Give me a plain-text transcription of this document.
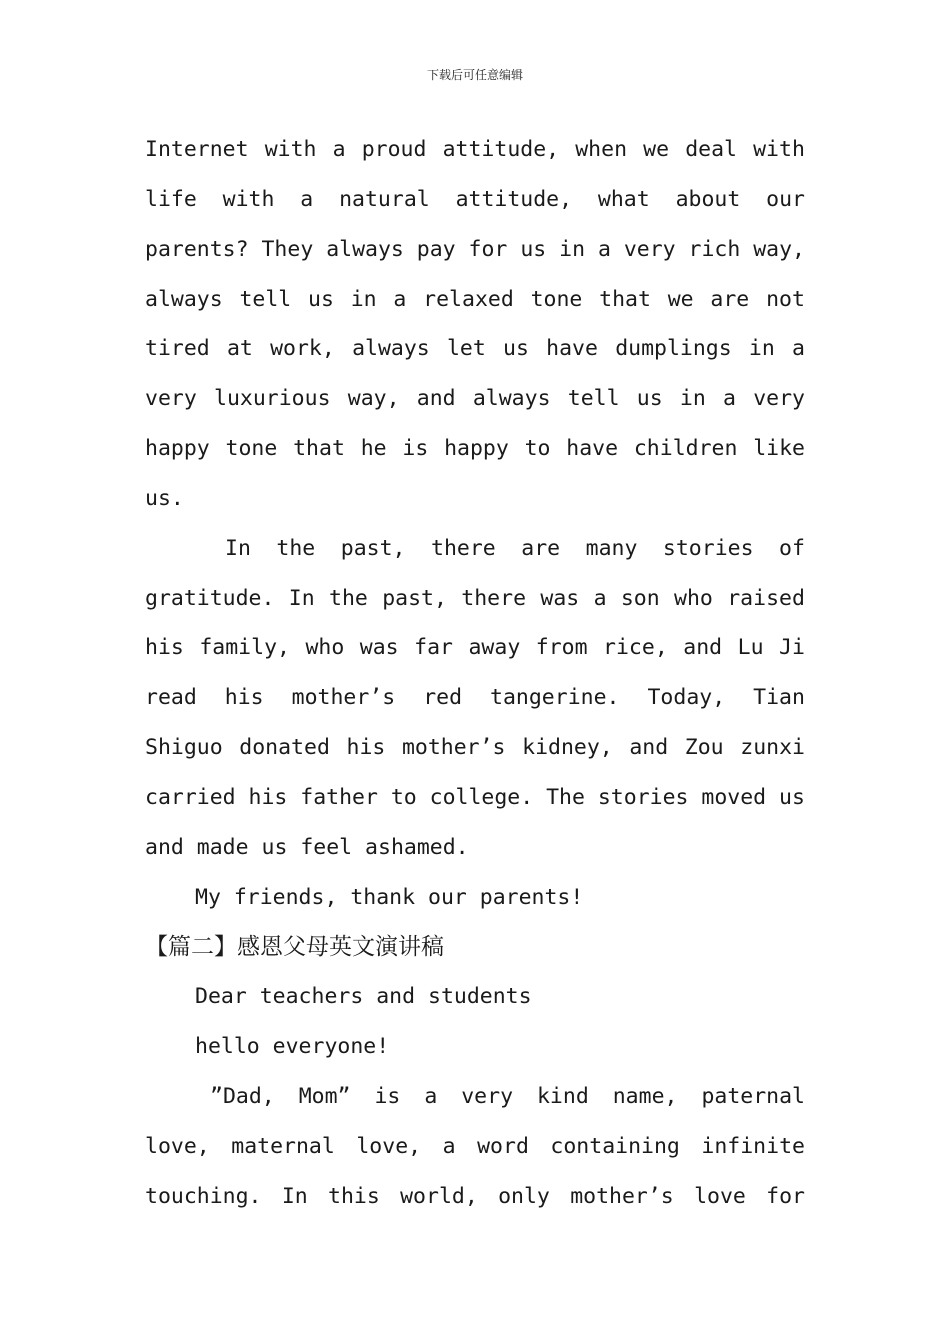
下载后可任意编辑
Internet with a proud attitude, when we deal with
life with a natural attitude, what about our
parents? They always pay for us in a very rich way,
always tell us in a relaxed tone that we are not
tired at work, always let us have dumplings in a
very luxurious way, and always tell us in a very
happy tone that he is happy to have children like
us.
In the past, there are many stories of
gratitude. In the past, there was a son who raised
his family, who was far away from rice, and Lu Ji
read his mother’s red tangerine. Today, Tian
Shiguo donated his mother’s kidney, and Zou zunxi
carried his father to college. The stories moved us
and made us feel ashamed.
My friends, thank our parents!
【篇二】感恩父母英文演讲稿
Dear teachers and students
hello everyone!
”Dad, Mom” is a very kind name, paternal
love, maternal love, a word containing infinite
touching. In this world, only mother’s love for
